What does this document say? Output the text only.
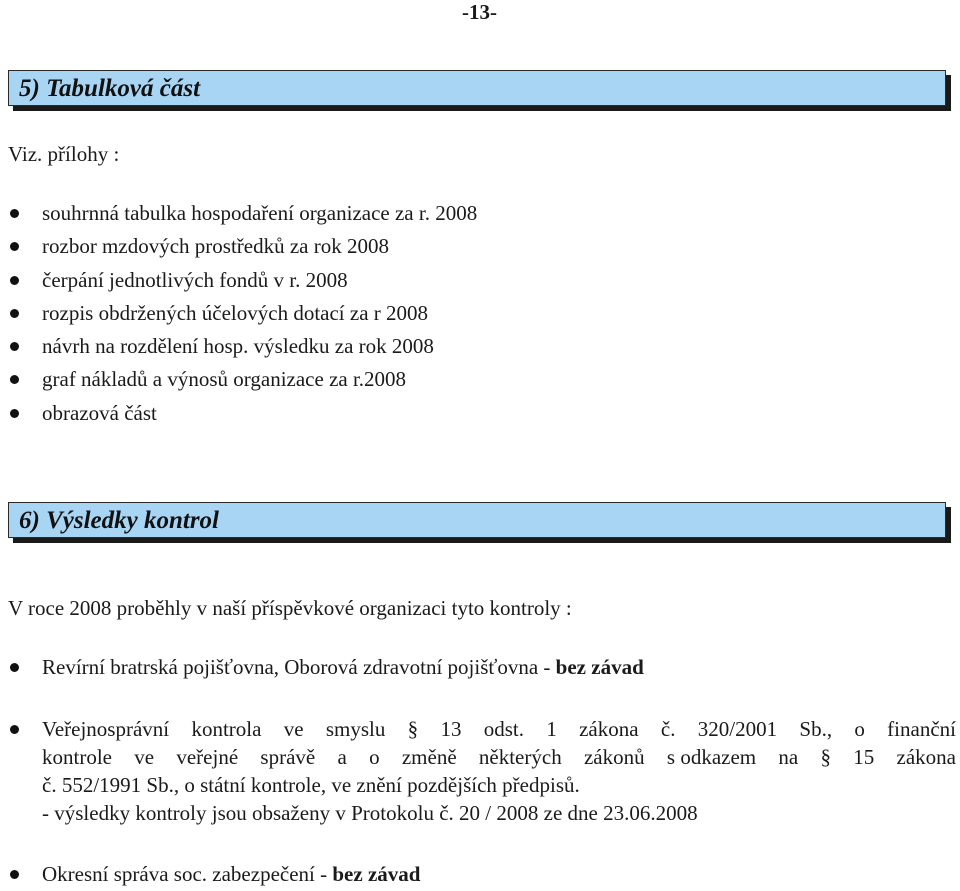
-13-
5) Tabulková část
Viz. přílohy :
souhrnná tabulka hospodaření organizace za r. 2008
rozbor mzdových prostředků za rok 2008
čerpání jednotlivých fondů v r. 2008
rozpis obdržených účelových dotací za r 2008
návrh na rozdělení hosp. výsledku za rok 2008
graf nákladů a výnosů organizace za r.2008
obrazová část
6) Výsledky kontrol
V roce 2008 proběhly v naší příspěvkové organizaci tyto kontroly :
Revírní bratrská pojišťovna, Oborová zdravotní pojišťovna - bez závad
Veřejnosprávní kontrola ve smyslu § 13 odst. 1 zákona č. 320/2001 Sb., o finanční
kontrole ve veřejné správě a o změně některých zákonů s odkazem na § 15 zákona
č. 552/1991 Sb., o státní kontrole, ve znění pozdějších předpisů.
- výsledky kontroly jsou obsaženy v Protokolu č. 20 / 2008 ze dne 23.06.2008
Okresní správa soc. zabezpečení - bez závad
